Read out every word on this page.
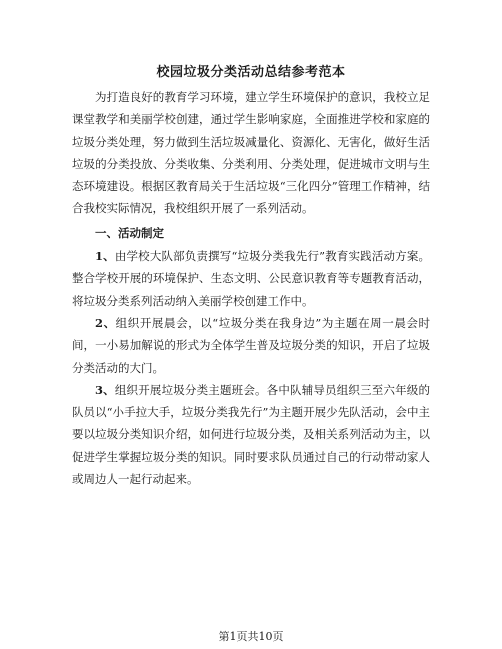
校园垃圾分类活动总结参考范本

为打造良好的教育学习环境，建立学生环境保护的意识，我校立足课堂教学和美丽学校创建，通过学生影响家庭，全面推进学校和家庭的垃圾分类处理，努力做到生活垃圾减量化、资源化、无害化，做好生活垃圾的分类投放、分类收集、分类利用、分类处理，促进城市文明与生态环境建设。根据区教育局关于生活垃圾“三化四分”管理工作精神，结合我校实际情况，我校组织开展了一系列活动。

一、活动制定

1、由学校大队部负责撰写“垃圾分类我先行”教育实践活动方案。整合学校开展的环境保护、生态文明、公民意识教育等专题教育活动，将垃圾分类系列活动纳入美丽学校创建工作中。

2、组织开展晨会，以“垃圾分类在我身边”为主题在周一晨会时间，一小易加解说的形式为全体学生普及垃圾分类的知识，开启了垃圾分类活动的大门。

3、组织开展垃圾分类主题班会。各中队辅导员组织三至六年级的队员以“小手拉大手，垃圾分类我先行”为主题开展少先队活动，会中主要以垃圾分类知识介绍，如何进行垃圾分类，及相关系列活动为主，以促进学生掌握垃圾分类的知识。同时要求队员通过自己的行动带动家人或周边人一起行动起来。

第1页共10页
